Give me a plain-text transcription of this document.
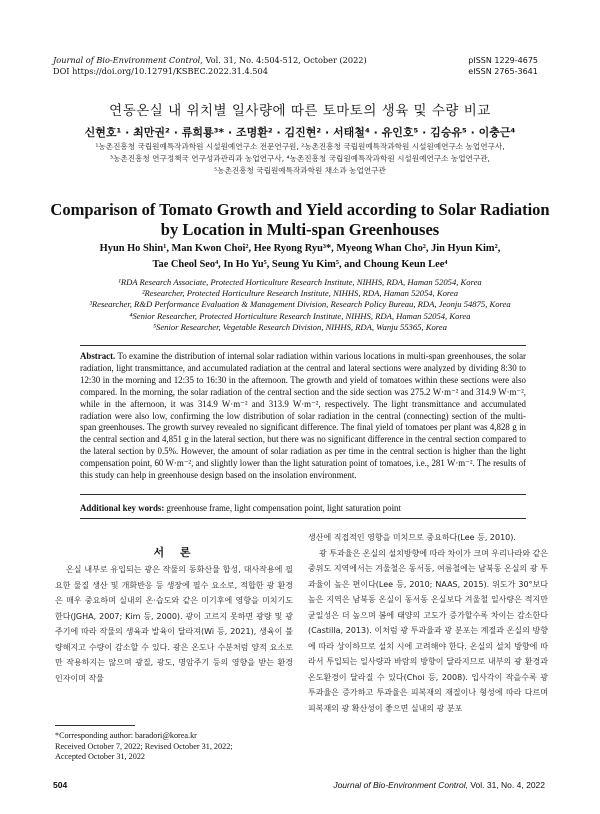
Journal of Bio-Environment Control, Vol. 31, No. 4:504-512, October (2022)
DOI https://doi.org/10.12791/KSBEC.2022.31.4.504
pISSN 1229-4675
eISSN 2765-3641
연동온실 내 위치별 일사량에 따른 토마토의 생육 및 수량 비교
신현호¹ · 최만권² · 류희룡³* · 조명환² · 김진현² · 서태철⁴ · 유인호⁵ · 김승유⁵ · 이충근⁴
¹농촌진흥청 국립원예특작과학원 시설원예연구소 전문연구원, ²농촌진흥청 국립원예특작과학원 시설원예연구소 농업연구사,
³농촌진흥청 연구정책국 연구성과관리과 농업연구사, ⁴농촌진흥청 국립원예특작과학원 시설원예연구소 농업연구관,
⁵농촌진흥청 국립원예특작과학원 채소과 농업연구관
Comparison of Tomato Growth and Yield according to Solar Radiation by Location in Multi-span Greenhouses
Hyun Ho Shin¹, Man Kwon Choi², Hee Ryong Ryu³*, Myeong Whan Cho², Jin Hyun Kim²,
Tae Cheol Seo⁴, In Ho Yu⁵, Seung Yu Kim⁵, and Choung Keun Lee⁴
¹RDA Research Associate, Protected Horticulture Research Institute, NIHHS, RDA, Haman 52054, Korea
²Researcher, Protected Horticulture Research Institute, NIHHS, RDA, Haman 52054, Korea
³Researcher, R&D Performance Evaluation & Management Division, Research Policy Bureau, RDA, Jeonju 54875, Korea
⁴Senior Researcher, Protected Horticulture Research Institute, NIHHS, RDA, Haman 52054, Korea
⁵Senior Researcher, Vegetable Research Division, NIHHS, RDA, Wanju 55365, Korea
Abstract. To examine the distribution of internal solar radiation within various locations in multi-span greenhouses, the solar radiation, light transmittance, and accumulated radiation at the central and lateral sections were analyzed by dividing 8:30 to 12:30 in the morning and 12:35 to 16:30 in the afternoon. The growth and yield of tomatoes within these sections were also compared. In the morning, the solar radiation of the central section and the side section was 275.2 W·m⁻² and 314.9 W·m⁻², while in the afternoon, it was 314.9 W·m⁻² and 313.9 W·m⁻², respectively. The light transmittance and accumulated radiation were also low, confirming the low distribution of solar radiation in the central (connecting) section of the multi-span greenhouses. The growth survey revealed no significant difference. The final yield of tomatoes per plant was 4,828 g in the central section and 4,851 g in the lateral section, but there was no significant difference in the central section compared to the lateral section by 0.5%. However, the amount of solar radiation as per time in the central section is higher than the light compensation point, 60 W·m⁻², and slightly lower than the light saturation point of tomatoes, i.e., 281 W·m⁻². The results of this study can help in greenhouse design based on the insolation environment.
Additional key words: greenhouse frame, light compensation point, light saturation point
서 론

온실 내부로 유입되는 광은 작물의 동화산물 합성, 대사작용에 필요한 물질 생산 및 개화반응 등 생장에 필수 요소로, 적합한 광 환경은 매우 중요하며 실내의 온·습도와 같은 미기후에 영향을 미치기도 한다(JGHA, 2007; Kim 등, 2000). 광이 고르지 못하면 광량 및 광주기에 따라 작물의 생육과 발육이 달라져(Wi 등, 2021), 생육이 불량해지고 수량이 감소할 수 있다. 광은 온도나 수분처럼 양적 요소로만 작용하지는 않으며 광질, 광도, 명암주기 등의 영향을 받는 환경 인자이며 작물

생산에 직접적인 영향을 미치므로 중요하다(Lee 등, 2010).

광 투과율은 온실의 설치방향에 따라 차이가 크며 우리나라와 같은 중위도 지역에서는 겨울철은 동서동, 여름철에는 남북동 온실의 광 투과율이 높은 편이다(Lee 등, 2010; NAAS, 2015). 위도가 30°보다 높은 지역은 남북동 온실이 동서동 온실보다 겨울철 일사량은 적지만 균일성은 더 높으며 봄에 태양의 고도가 증가할수록 차이는 감소한다(Castilla, 2013). 이처럼 광 투과율과 광 분포는 계절과 온실의 방향에 따라 상이하므로 설치 시에 고려해야 한다. 온실의 설치 방향에 따라서 투입되는 일사량과 바람의 방향이 달라지므로 내부의 광 환경과 온도환경이 달라질 수 있다(Choi 등, 2008). 입사각이 작을수록 광 투과율은 증가하고 투과율은 피복재의 재질이나 형성에 따라 다르며 피복재의 광 확산성이 좋으면 실내의 광 분포

*Corresponding author: baradori@korea.kr
Received October 7, 2022; Revised October 31, 2022;
Accepted October 31, 2022
504	Journal of Bio-Environment Control, Vol. 31, No. 4, 2022
